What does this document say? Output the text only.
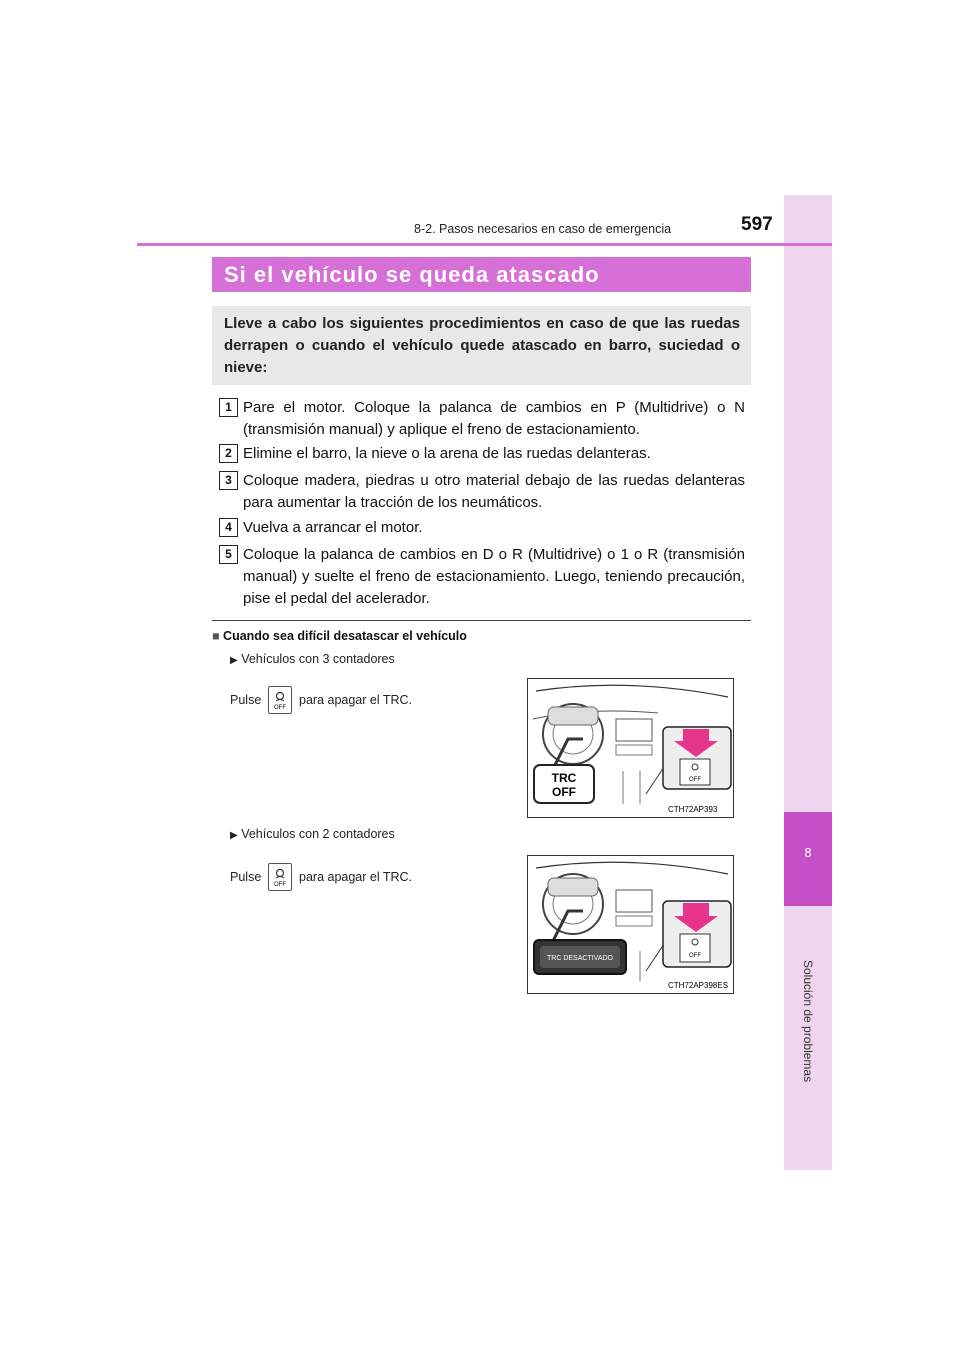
8
Solución de problemas
8-2. Pasos necesarios en caso de emergencia	597
Si el vehículo se queda atascado
Lleve a cabo los siguientes procedimientos en caso de que las ruedas derrapen o cuando el vehículo quede atascado en barro, suciedad o nieve:
1 Pare el motor. Coloque la palanca de cambios en P (Multidrive) o N (transmisión manual) y aplique el freno de estacionamiento.
2 Elimine el barro, la nieve o la arena de las ruedas delanteras.
3 Coloque madera, piedras u otro material debajo de las ruedas delanteras para aumentar la tracción de los neumáticos.
4 Vuelva a arrancar el motor.
5 Coloque la palanca de cambios en D o R (Multidrive) o 1 o R (transmisión manual) y suelte el freno de estacionamiento. Luego, teniendo precaución, pise el pedal del acelerador.
■ Cuando sea difícil desatascar el vehículo
▶ Vehículos con 3 contadores
Pulse
OFF
para apagar el TRC.
TRC
OFF
OFF
CTH72AP393
▶ Vehículos con 2 contadores
Pulse
OFF
para apagar el TRC.
TRC DESACTIVADO	OFF
CTH72AP398ES
